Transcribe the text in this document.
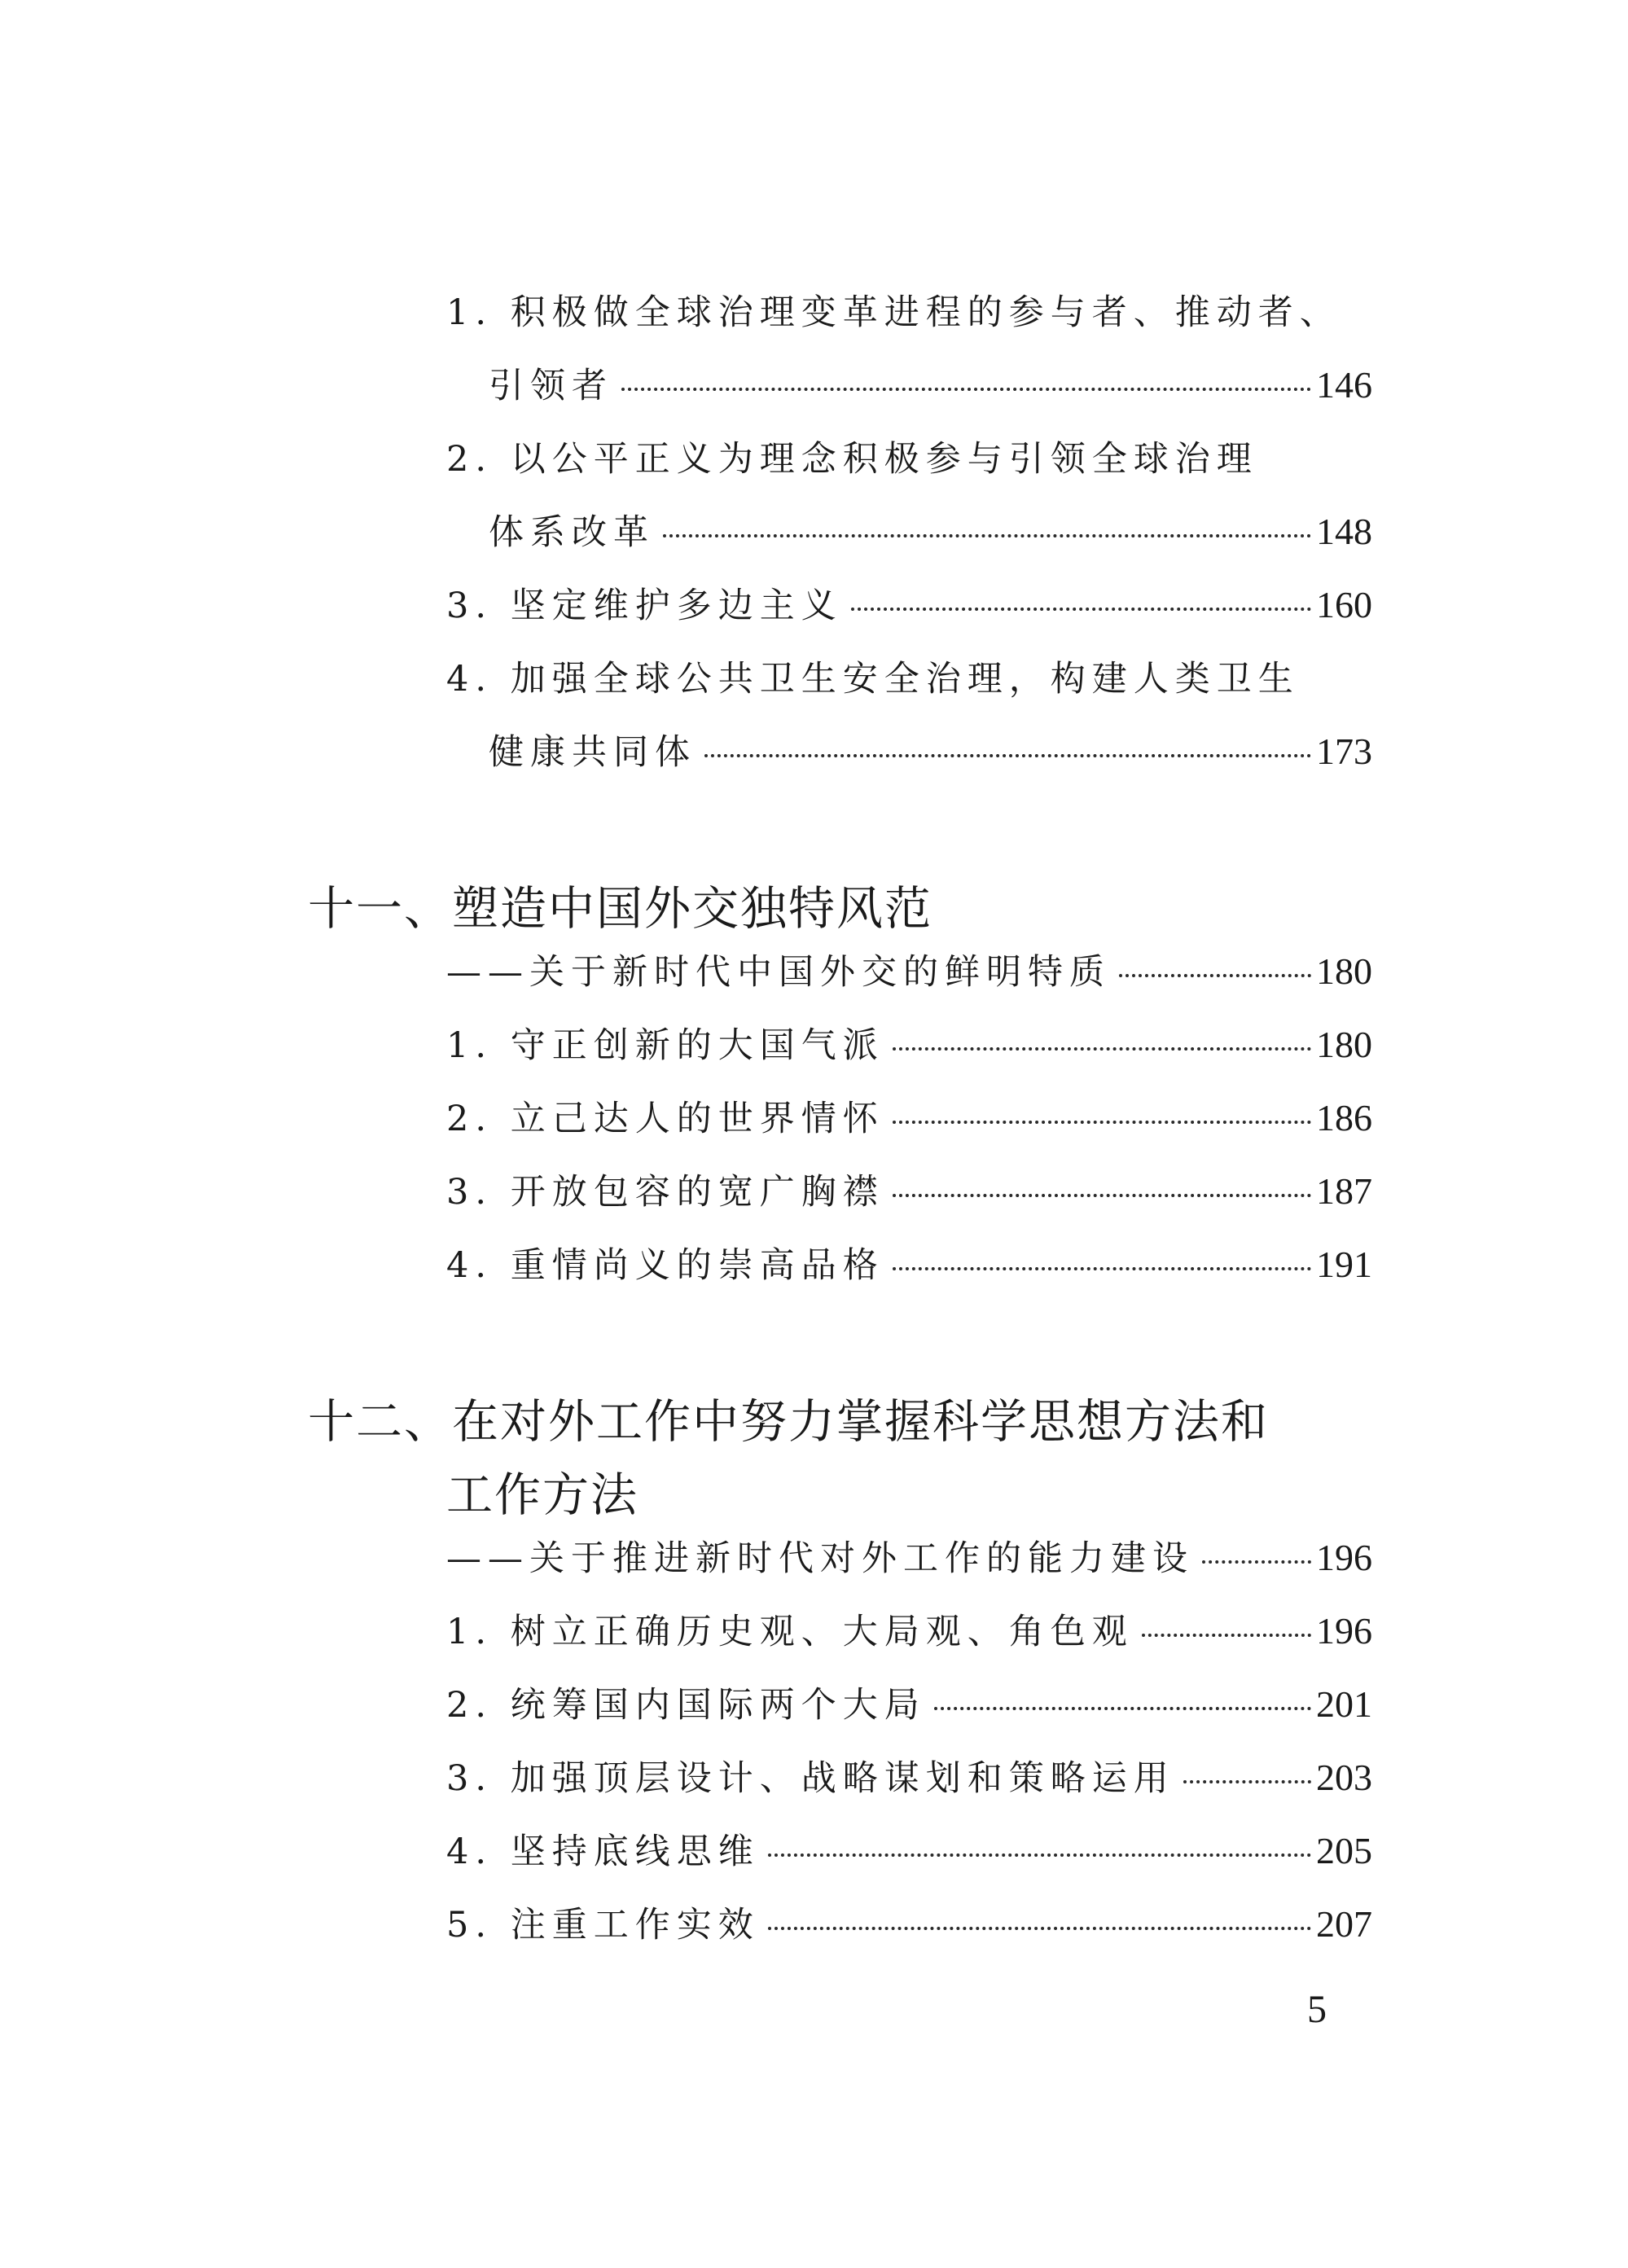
1. 积极做全球治理变革进程的参与者、推动者、
引领者	146
2. 以公平正义为理念积极参与引领全球治理
体系改革	148
3. 坚定维护多边主义	160
4. 加强全球公共卫生安全治理，构建人类卫生
健康共同体	173
十一、塑造中国外交独特风范
——关于新时代中国外交的鲜明特质	180
1. 守正创新的大国气派	180
2. 立己达人的世界情怀	186
3. 开放包容的宽广胸襟	187
4. 重情尚义的崇高品格	191
十二、在对外工作中努力掌握科学思想方法和
工作方法
——关于推进新时代对外工作的能力建设	196
1. 树立正确历史观、大局观、角色观	196
2. 统筹国内国际两个大局	201
3. 加强顶层设计、战略谋划和策略运用	203
4. 坚持底线思维	205
5. 注重工作实效	207
5
